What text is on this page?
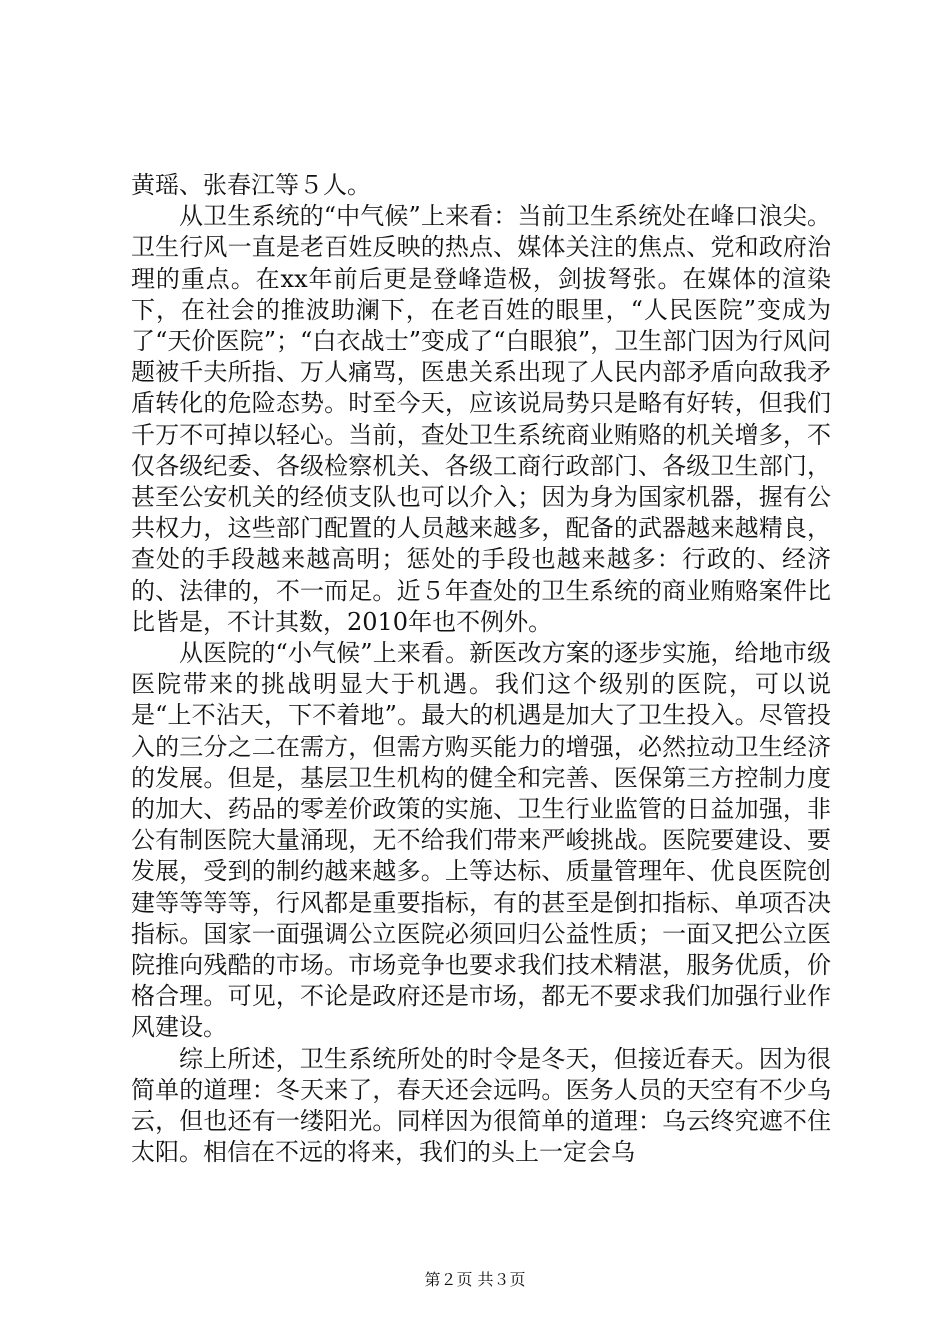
黄瑶、张春江等５人。

从卫生系统的“中气候”上来看：当前卫生系统处在峰口浪尖。卫生行风一直是老百姓反映的热点、媒体关注的焦点、党和政府治理的重点。在xx年前后更是登峰造极，剑拔弩张。在媒体的渲染下，在社会的推波助澜下，在老百姓的眼里，“人民医院”变成为了“天价医院”；“白衣战士”变成了“白眼狼”，卫生部门因为行风问题被千夫所指、万人痛骂，医患关系出现了人民内部矛盾向敌我矛盾转化的危险态势。时至今天，应该说局势只是略有好转，但我们千万不可掉以轻心。当前，查处卫生系统商业贿赂的机关增多，不仅各级纪委、各级检察机关、各级工商行政部门、各级卫生部门，甚至公安机关的经侦支队也可以介入；因为身为国家机器，握有公共权力，这些部门配置的人员越来越多，配备的武器越来越精良，查处的手段越来越高明；惩处的手段也越来越多：行政的、经济的、法律的，不一而足。近５年查处的卫生系统的商业贿赂案件比比皆是，不计其数，2010年也不例外。

从医院的“小气候”上来看。新医改方案的逐步实施，给地市级医院带来的挑战明显大于机遇。我们这个级别的医院，可以说是“上不沾天，下不着地”。最大的机遇是加大了卫生投入。尽管投入的三分之二在需方，但需方购买能力的增强，必然拉动卫生经济的发展。但是，基层卫生机构的健全和完善、医保第三方控制力度的加大、药品的零差价政策的实施、卫生行业监管的日益加强，非公有制医院大量涌现，无不给我们带来严峻挑战。医院要建设、要发展，受到的制约越来越多。上等达标、质量管理年、优良医院创建等等等等，行风都是重要指标，有的甚至是倒扣指标、单项否决指标。国家一面强调公立医院必须回归公益性质；一面又把公立医院推向残酷的市场。市场竞争也要求我们技术精湛，服务优质，价格合理。可见，不论是政府还是市场，都无不要求我们加强行业作风建设。

综上所述，卫生系统所处的时令是冬天，但接近春天。因为很简单的道理：冬天来了，春天还会远吗。医务人员的天空有不少乌云，但也还有一缕阳光。同样因为很简单的道理：乌云终究遮不住太阳。相信在不远的将来，我们的头上一定会乌

第２页 共３页
